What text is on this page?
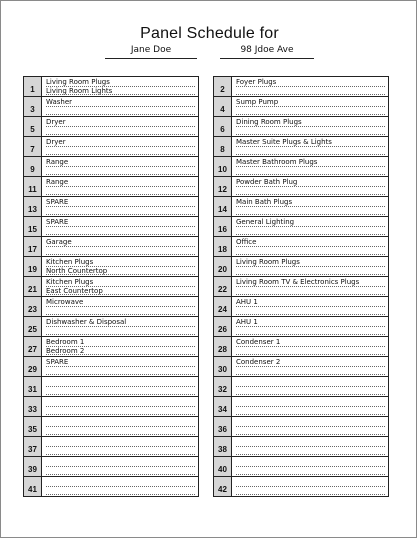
Panel Schedule for
Jane Doe	98 Jdoe Ave
1
Living Room Plugs
Living Room Lights
3
Washer
5
Dryer
7
Dryer
9
Range
11
Range
13
SPARE
15
SPARE
17
Garage
19
Kitchen Plugs
North Countertop
21
Kitchen Plugs
East Countertop
23
Microwave
25
Dishwasher & Disposal
27
Bedroom 1
Bedroom 2
29
SPARE
31
33
35
37
39
41
2
Foyer Plugs
4
Sump Pump
6
Dining Room Plugs
8
Master Suite Plugs & Lights
10
Master Bathroom Plugs
12
Powder Bath Plug
14
Main Bath Plugs
16
General Lighting
18
Office
20
Living Room Plugs
22
Living Room TV & Electronics Plugs
24
AHU 1
26
AHU 1
28
Condenser 1
30
Condenser 2
32
34
36
38
40
42
